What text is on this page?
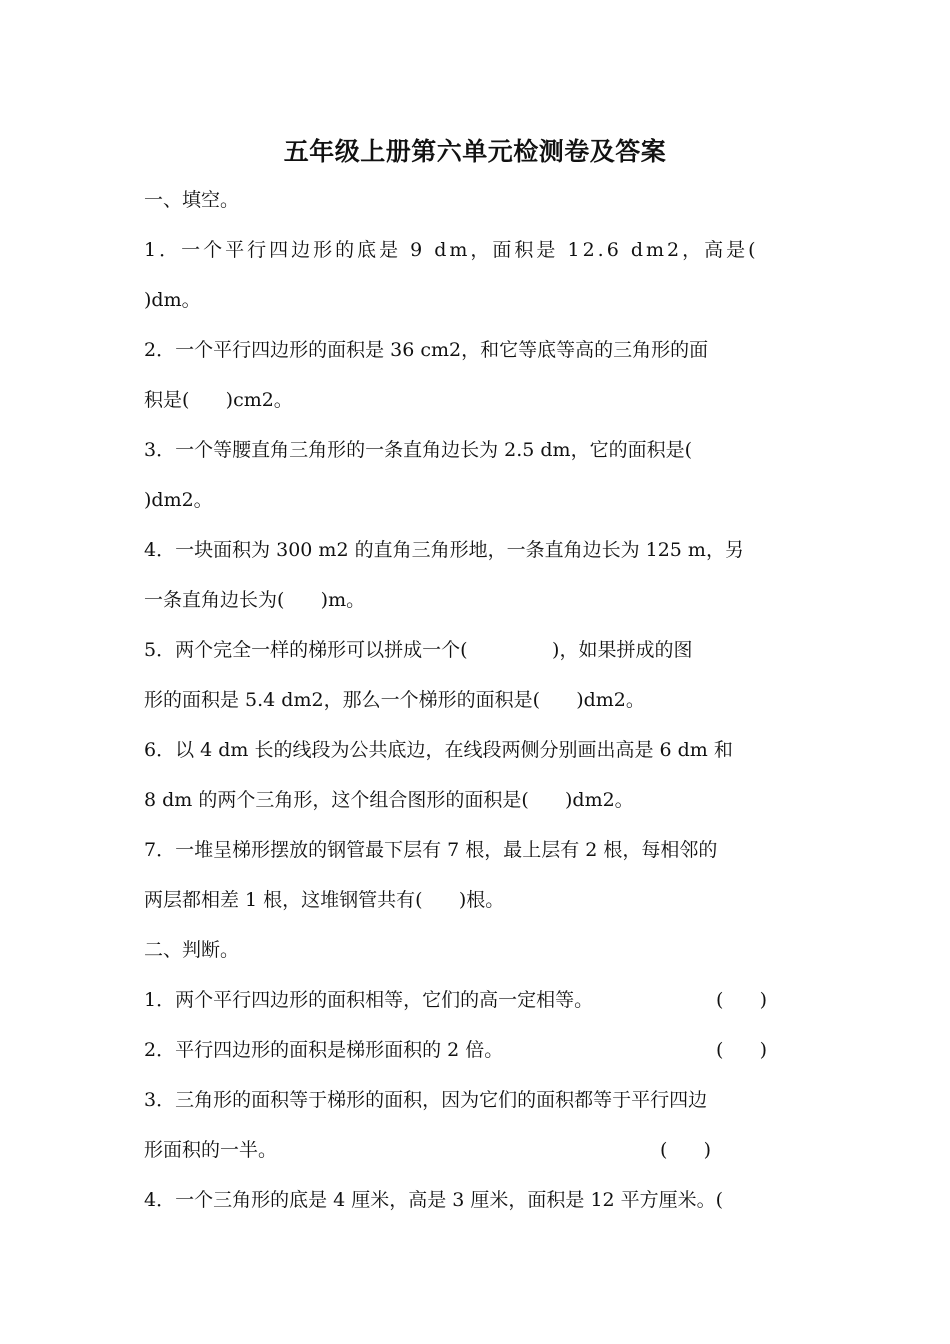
五年级上册第六单元检测卷及答案
一、填空。
1．一个平行四边形的底是 9 dm，面积是 12.6 dm2，高是(
)dm。
2．一个平行四边形的面积是 36 cm2，和它等底等高的三角形的面
积是(      )cm2。
3．一个等腰直角三角形的一条直角边长为 2.5 dm，它的面积是(
)dm2。
4．一块面积为 300 m2 的直角三角形地，一条直角边长为 125 m，另
一条直角边长为(      )m。
5．两个完全一样的梯形可以拼成一个(              )，如果拼成的图
形的面积是 5.4 dm2，那么一个梯形的面积是(      )dm2。
6．以 4 dm 长的线段为公共底边，在线段两侧分别画出高是 6 dm 和
8 dm 的两个三角形，这个组合图形的面积是(      )dm2。
7．一堆呈梯形摆放的钢管最下层有 7 根，最上层有 2 根，每相邻的
两层都相差 1 根，这堆钢管共有(      )根。
二、判断。
1．两个平行四边形的面积相等，它们的高一定相等。	(      )
2．平行四边形的面积是梯形面积的 2 倍。	(      )
3．三角形的面积等于梯形的面积，因为它们的面积都等于平行四边
形面积的一半。	(      )
4．一个三角形的底是 4 厘米，高是 3 厘米，面积是 12 平方厘米。(
